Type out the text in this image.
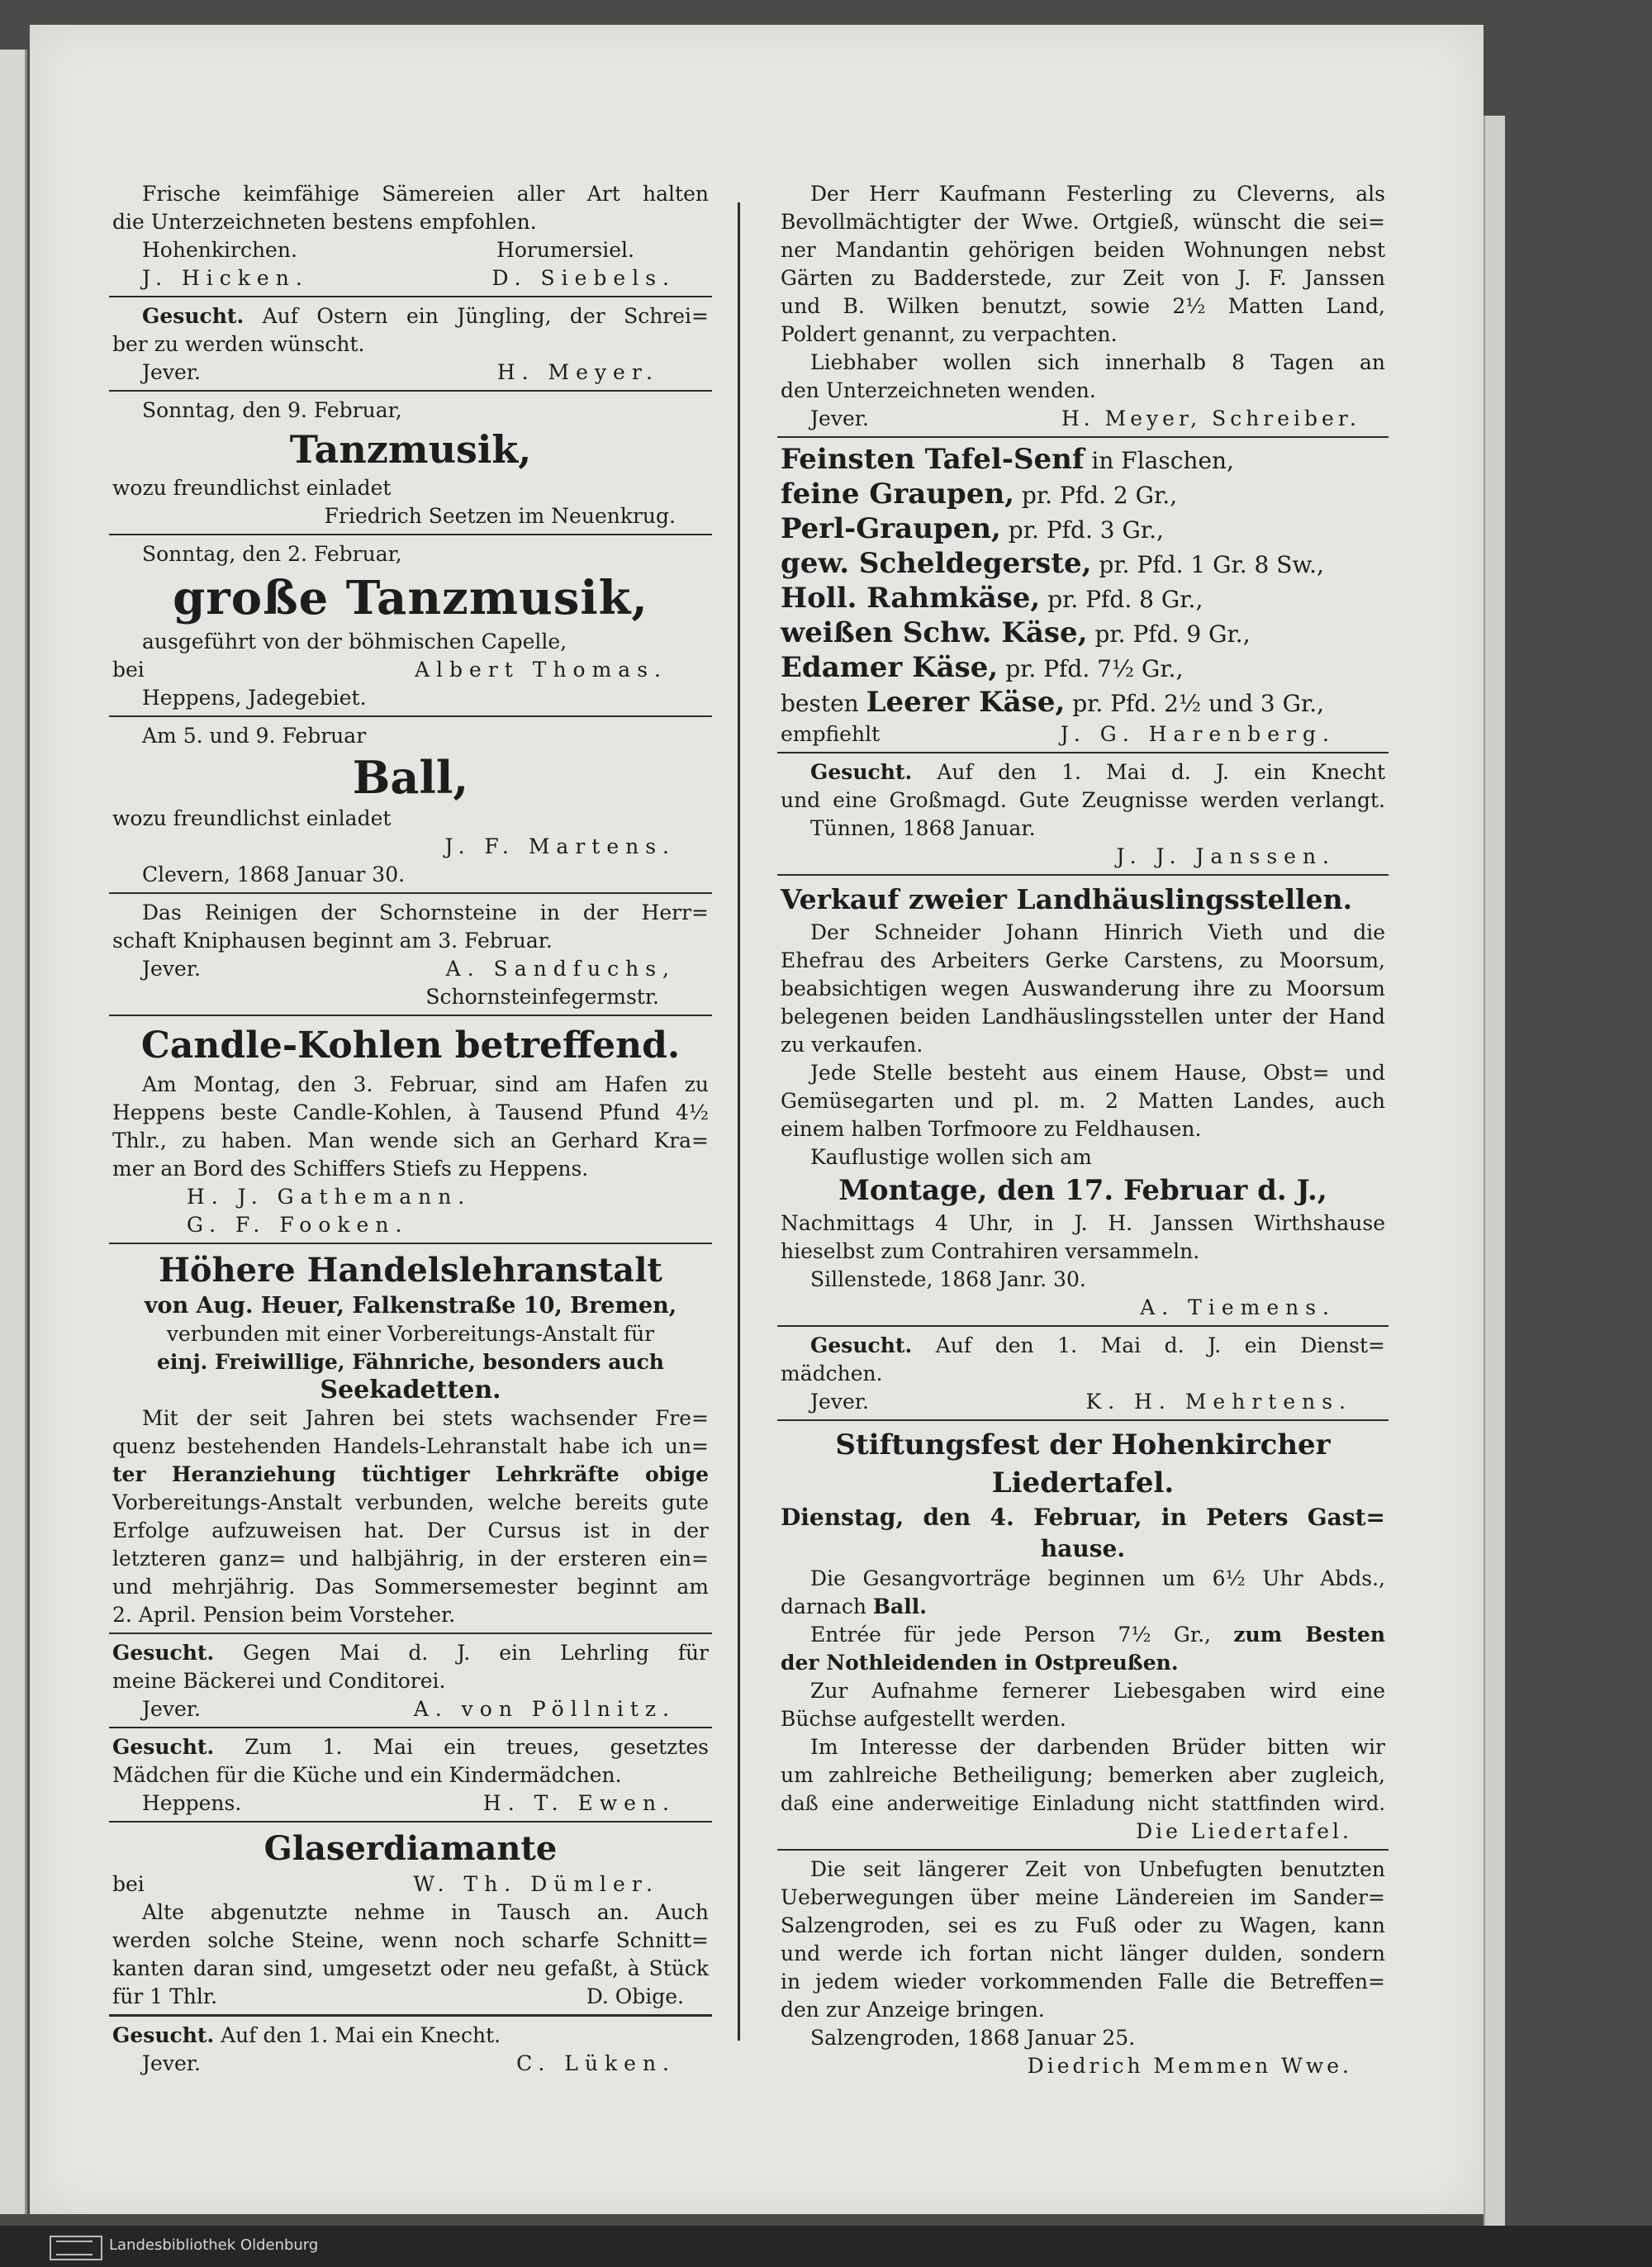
Frische keimfähige Sämereien aller Art halten
die Unterzeichneten bestens empfohlen.
Hohenkirchen.	Horumersiel.
J. Hicken.	D. Siebels.
Gesucht. Auf Ostern ein Jüngling, der Schrei=
ber zu werden wünscht.
Jever.	H. Meyer.
Sonntag, den 9. Februar,
Tanzmusik,
wozu freundlichst einladet
Friedrich Seetzen im Neuenkrug.
Sonntag, den 2. Februar,
große Tanzmusik,
ausgeführt von der böhmischen Capelle,
bei	Albert Thomas.
Heppens, Jadegebiet.
Am 5. und 9. Februar
Ball,
wozu freundlichst einladet
J. F. Martens.
Clevern, 1868 Januar 30.
Das Reinigen der Schornsteine in der Herr=
schaft Kniphausen beginnt am 3. Februar.
Jever.	A. Sandfuchs,
Schornsteinfegermstr.
Candle-Kohlen betreffend.
Am Montag, den 3. Februar, sind am Hafen zu
Heppens beste Candle-Kohlen, à Tausend Pfund 4½
Thlr., zu haben. Man wende sich an Gerhard Kra=
mer an Bord des Schiffers Stiefs zu Heppens.
H. J. Gathemann.
G. F. Fooken.
Höhere Handelslehranstalt
von Aug. Heuer, Falkenstraße 10, Bremen,
verbunden mit einer Vorbereitungs-Anstalt für
einj. Freiwillige, Fähnriche, besonders auch
Seekadetten.
Mit der seit Jahren bei stets wachsender Fre=
quenz bestehenden Handels-Lehranstalt habe ich un=
ter Heranziehung tüchtiger Lehrkräfte obige
Vorbereitungs-Anstalt verbunden, welche bereits gute
Erfolge aufzuweisen hat. Der Cursus ist in der
letzteren ganz= und halbjährig, in der ersteren ein=
und mehrjährig. Das Sommersemester beginnt am
2. April. Pension beim Vorsteher.
Gesucht. Gegen Mai d. J. ein Lehrling für
meine Bäckerei und Conditorei.
Jever.	A. von Pöllnitz.
Gesucht. Zum 1. Mai ein treues, gesetztes
Mädchen für die Küche und ein Kindermädchen.
Heppens.	H. T. Ewen.
Glaserdiamante
bei	W. Th. Dümler.
Alte abgenutzte nehme in Tausch an. Auch
werden solche Steine, wenn noch scharfe Schnitt=
kanten daran sind, umgesetzt oder neu gefaßt, à Stück
für 1 Thlr.	D. Obige.
Gesucht. Auf den 1. Mai ein Knecht.
Jever.	C. Lüken.
Der Herr Kaufmann Festerling zu Cleverns, als
Bevollmächtigter der Wwe. Ortgieß, wünscht die sei=
ner Mandantin gehörigen beiden Wohnungen nebst
Gärten zu Badderstede, zur Zeit von J. F. Janssen
und B. Wilken benutzt, sowie 2½ Matten Land,
Poldert genannt, zu verpachten.
Liebhaber wollen sich innerhalb 8 Tagen an
den Unterzeichneten wenden.
Jever.	H. Meyer, Schreiber.
Feinsten Tafel-Senf in Flaschen,
feine Graupen, pr. Pfd. 2 Gr.,
Perl-Graupen, pr. Pfd. 3 Gr.,
gew. Scheldegerste, pr. Pfd. 1 Gr. 8 Sw.,
Holl. Rahmkäse, pr. Pfd. 8 Gr.,
weißen Schw. Käse, pr. Pfd. 9 Gr.,
Edamer Käse, pr. Pfd. 7½ Gr.,
besten Leerer Käse, pr. Pfd. 2½ und 3 Gr.,
empfiehlt	J. G. Harenberg.
Gesucht. Auf den 1. Mai d. J. ein Knecht
und eine Großmagd. Gute Zeugnisse werden verlangt.
Tünnen, 1868 Januar.
J. J. Janssen.
Verkauf zweier Landhäuslingsstellen.
Der Schneider Johann Hinrich Vieth und die
Ehefrau des Arbeiters Gerke Carstens, zu Moorsum,
beabsichtigen wegen Auswanderung ihre zu Moorsum
belegenen beiden Landhäuslingsstellen unter der Hand
zu verkaufen.
Jede Stelle besteht aus einem Hause, Obst= und
Gemüsegarten und pl. m. 2 Matten Landes, auch
einem halben Torfmoore zu Feldhausen.
Kauflustige wollen sich am
Montage, den 17. Februar d. J.,
Nachmittags 4 Uhr, in J. H. Janssen Wirthshause
hieselbst zum Contrahiren versammeln.
Sillenstede, 1868 Janr. 30.
A. Tiemens.
Gesucht. Auf den 1. Mai d. J. ein Dienst=
mädchen.
Jever.	K. H. Mehrtens.
Stiftungsfest der Hohenkircher
Liedertafel.
Dienstag, den 4. Februar, in Peters Gast=
hause.
Die Gesangvorträge beginnen um 6½ Uhr Abds.,
darnach Ball.
Entrée für jede Person 7½ Gr., zum Besten
der Nothleidenden in Ostpreußen.
Zur Aufnahme fernerer Liebesgaben wird eine
Büchse aufgestellt werden.
Im Interesse der darbenden Brüder bitten wir
um zahlreiche Betheiligung; bemerken aber zugleich,
daß eine anderweitige Einladung nicht stattfinden wird.
Die Liedertafel.
Die seit längerer Zeit von Unbefugten benutzten
Ueberwegungen über meine Ländereien im Sander=
Salzengroden, sei es zu Fuß oder zu Wagen, kann
und werde ich fortan nicht länger dulden, sondern
in jedem wieder vorkommenden Falle die Betreffen=
den zur Anzeige bringen.
Salzengroden, 1868 Januar 25.
Diedrich Memmen Wwe.
Landesbibliothek Oldenburg
